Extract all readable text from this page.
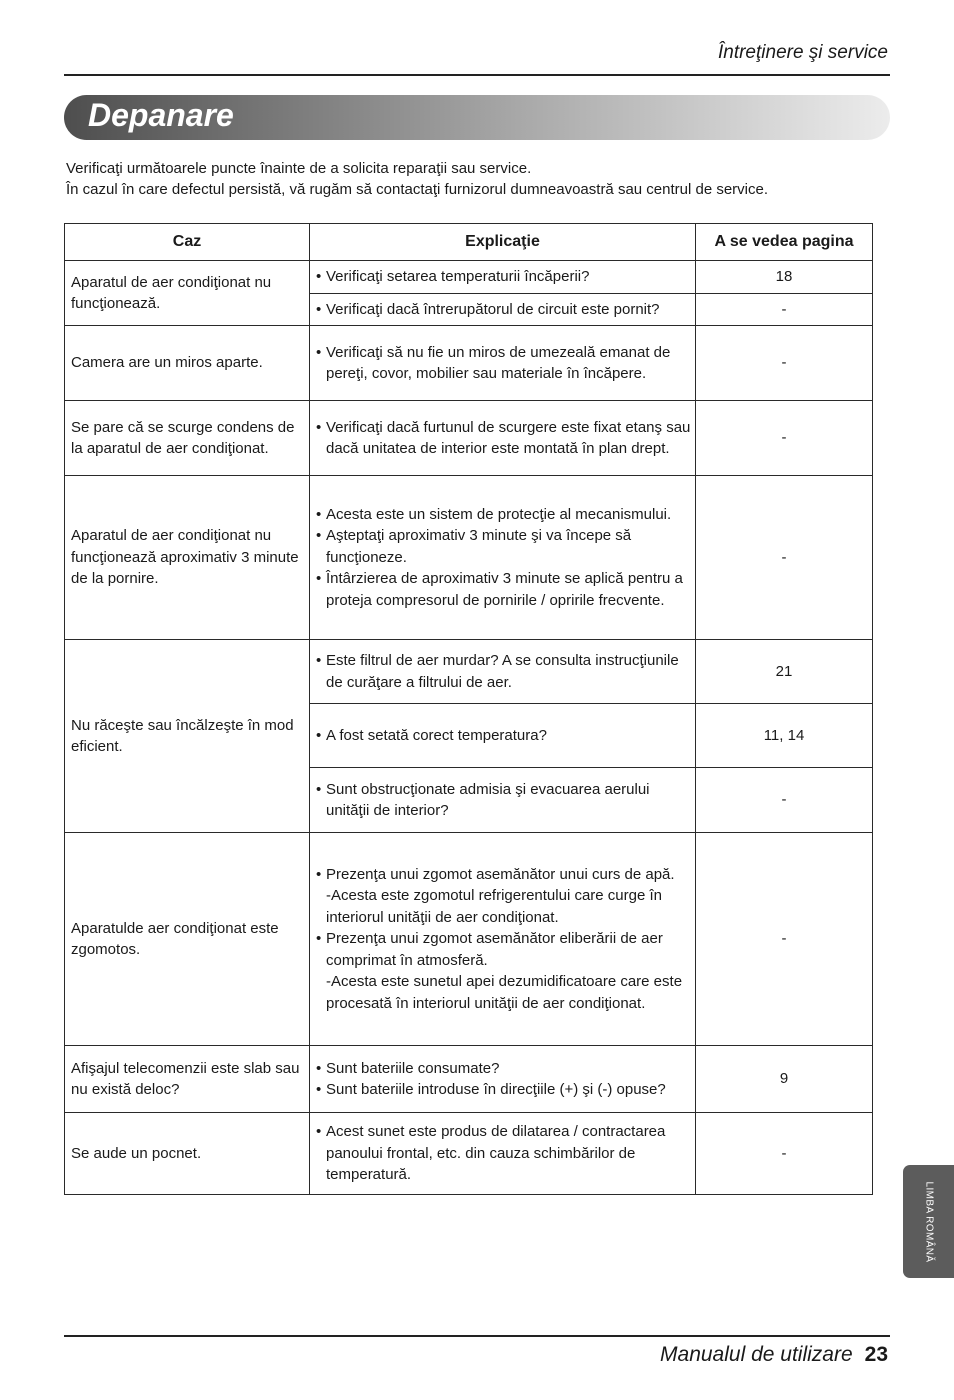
Întreţinere şi service
Depanare

Verificaţi următoarele puncte înainte de a solicita reparaţii sau service.

În cazul în care defectul persistă, vă rugăm să contactaţi furnizorul dumneavoastră sau centrul de service.

Caz	Explicaţie	A se vedea pagina
Aparatul de aer condiţionat nu funcţionează.	• Verificaţi setarea temperaturii încăperii?	18

	• Verificaţi dacă întrerupătorul de circuit este pornit?	-
Camera are un miros aparte.	• Verificaţi să nu fie un miros de umezeală emanat de pereţi, covor, mobilier sau materiale în încăpere.	-
Se pare că se scurge condens de la aparatul de aer condiţionat.	• Verificaţi dacă furtunul de scurgere este fixat etanş sau dacă unitatea de interior este montată în plan drept.	-
Aparatul de aer condiţionat nu funcţionează aproximativ 3 minute de la pornire.	• Acesta este un sistem de protecţie al mecanismului.
• Aşteptaţi aproximativ 3 minute şi va începe să funcţioneze.
• Întârzierea de aproximativ 3 minute se aplică pentru a proteja compresorul de pornirile / opririle frecvente.	-
Nu răceşte sau încălzeşte în mod eficient.	• Este filtrul de aer murdar? A se consulta instrucţiunile de curăţare a filtrului de aer.	21

	• A fost setată corect temperatura?	11, 14

	• Sunt obstrucţionate admisia şi evacuarea aerului unităţii de interior?	-
Aparatulde aer condiţionat este zgomotos.	• Prezenţa unui zgomot asemănător unui curs de apă.
-Acesta este zgomotul refrigerentului care curge în interiorul unităţii de aer condiţionat.
• Prezenţa unui zgomot asemănător eliberării de aer comprimat în atmosferă.
-Acesta este sunetul apei dezumidificatoare care este procesată în interiorul unităţii de aer condiţionat.	-
Afişajul telecomenzii este slab sau nu există deloc?	• Sunt bateriile consumate?
• Sunt bateriile introduse în direcţiile (+) şi (-) opuse?	9
Se aude un pocnet.	• Acest sunet este produs de dilatarea / contractarea panoului frontal, etc. din cauza schimbărilor de temperatură.	-
LIMBA ROMÂNĂ
Manualul de utilizare 23
